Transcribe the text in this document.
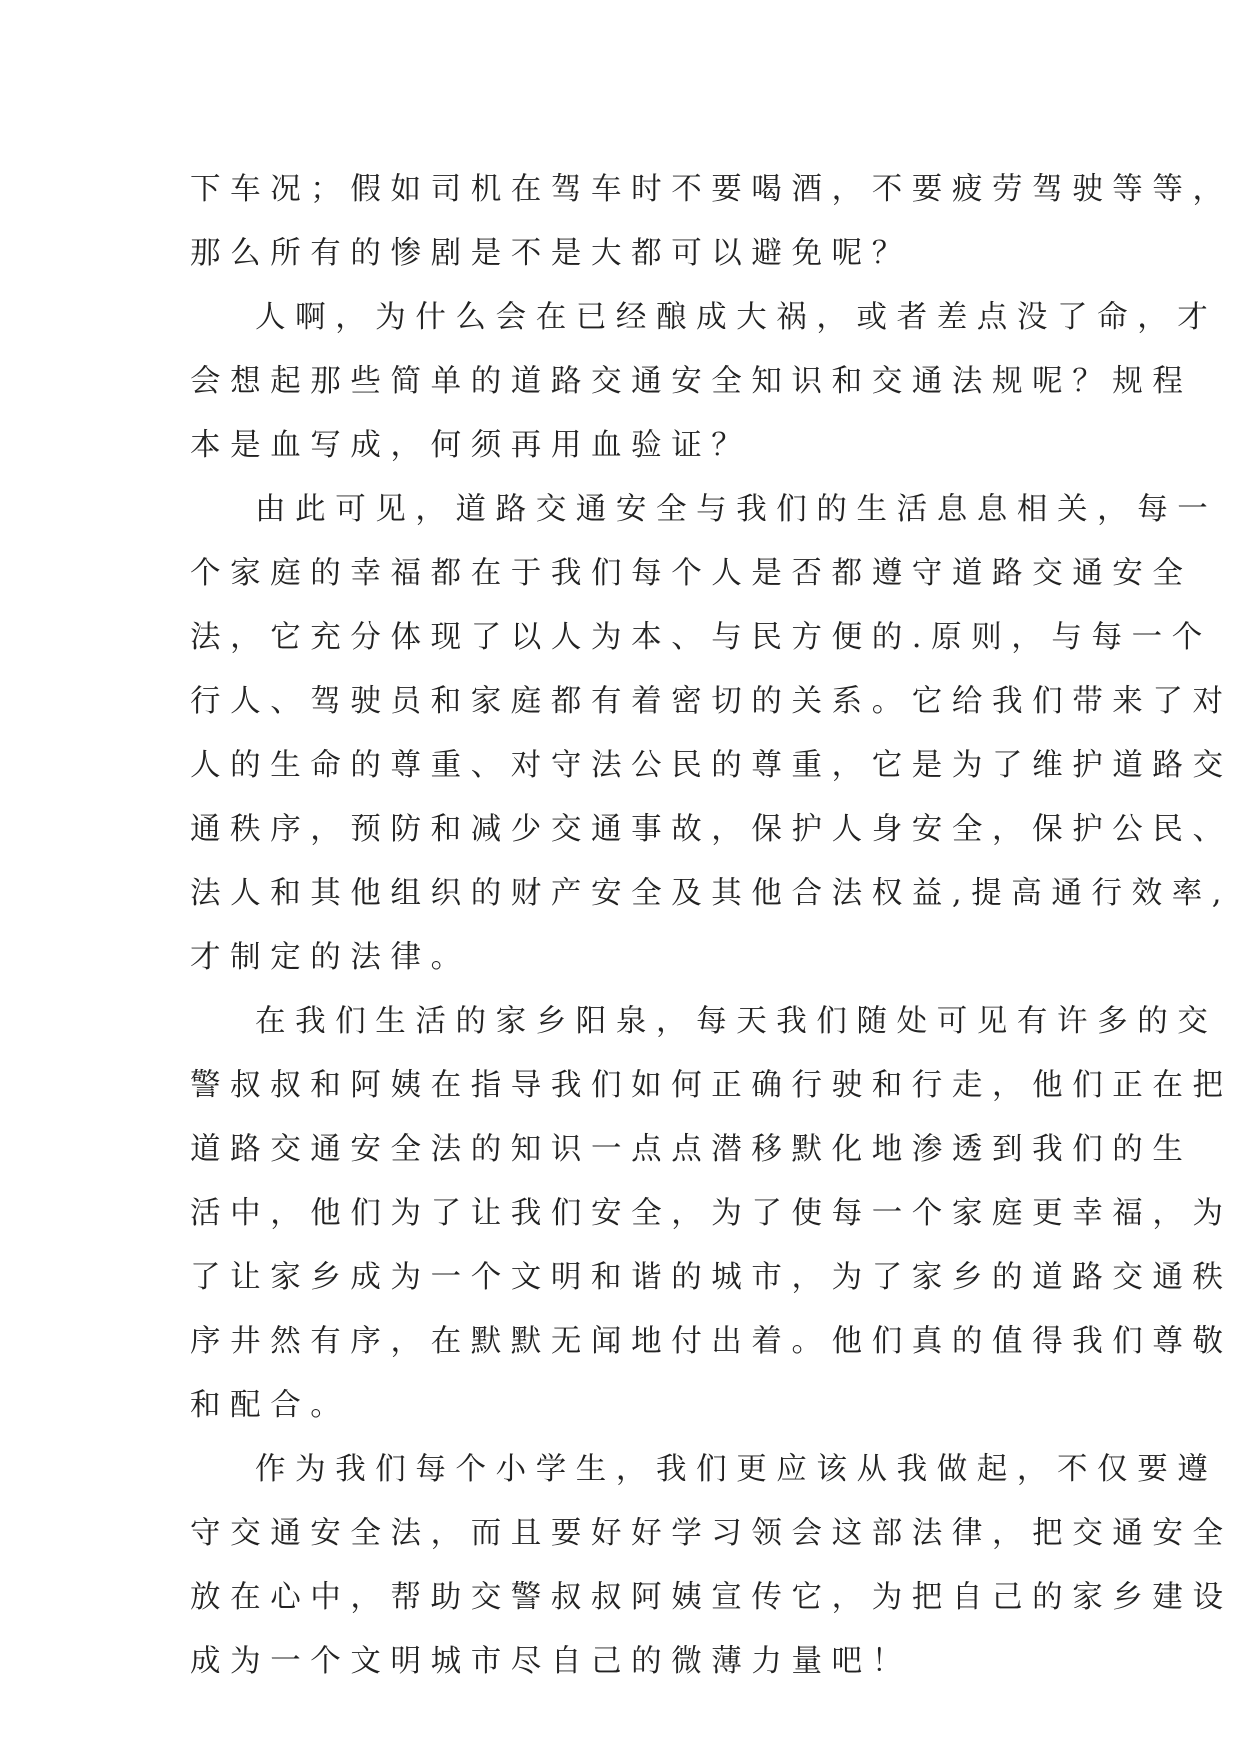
下车况；假如司机在驾车时不要喝酒，不要疲劳驾驶等等，
那么所有的惨剧是不是大都可以避免呢？
人啊，为什么会在已经酿成大祸，或者差点没了命，才
会想起那些简单的道路交通安全知识和交通法规呢？规程
本是血写成，何须再用血验证？
由此可见，道路交通安全与我们的生活息息相关，每一
个家庭的幸福都在于我们每个人是否都遵守道路交通安全
法，它充分体现了以人为本、与民方便的.原则，与每一个
行人、驾驶员和家庭都有着密切的关系。它给我们带来了对
人的生命的尊重、对守法公民的尊重，它是为了维护道路交
通秩序，预防和减少交通事故，保护人身安全，保护公民、
法人和其他组织的财产安全及其他合法权益,提高通行效率,
才制定的法律。
在我们生活的家乡阳泉，每天我们随处可见有许多的交
警叔叔和阿姨在指导我们如何正确行驶和行走，他们正在把
道路交通安全法的知识一点点潜移默化地渗透到我们的生
活中，他们为了让我们安全，为了使每一个家庭更幸福，为
了让家乡成为一个文明和谐的城市，为了家乡的道路交通秩
序井然有序，在默默无闻地付出着。他们真的值得我们尊敬
和配合。
作为我们每个小学生，我们更应该从我做起，不仅要遵
守交通安全法，而且要好好学习领会这部法律，把交通安全
放在心中，帮助交警叔叔阿姨宣传它，为把自己的家乡建设
成为一个文明城市尽自己的微薄力量吧！
